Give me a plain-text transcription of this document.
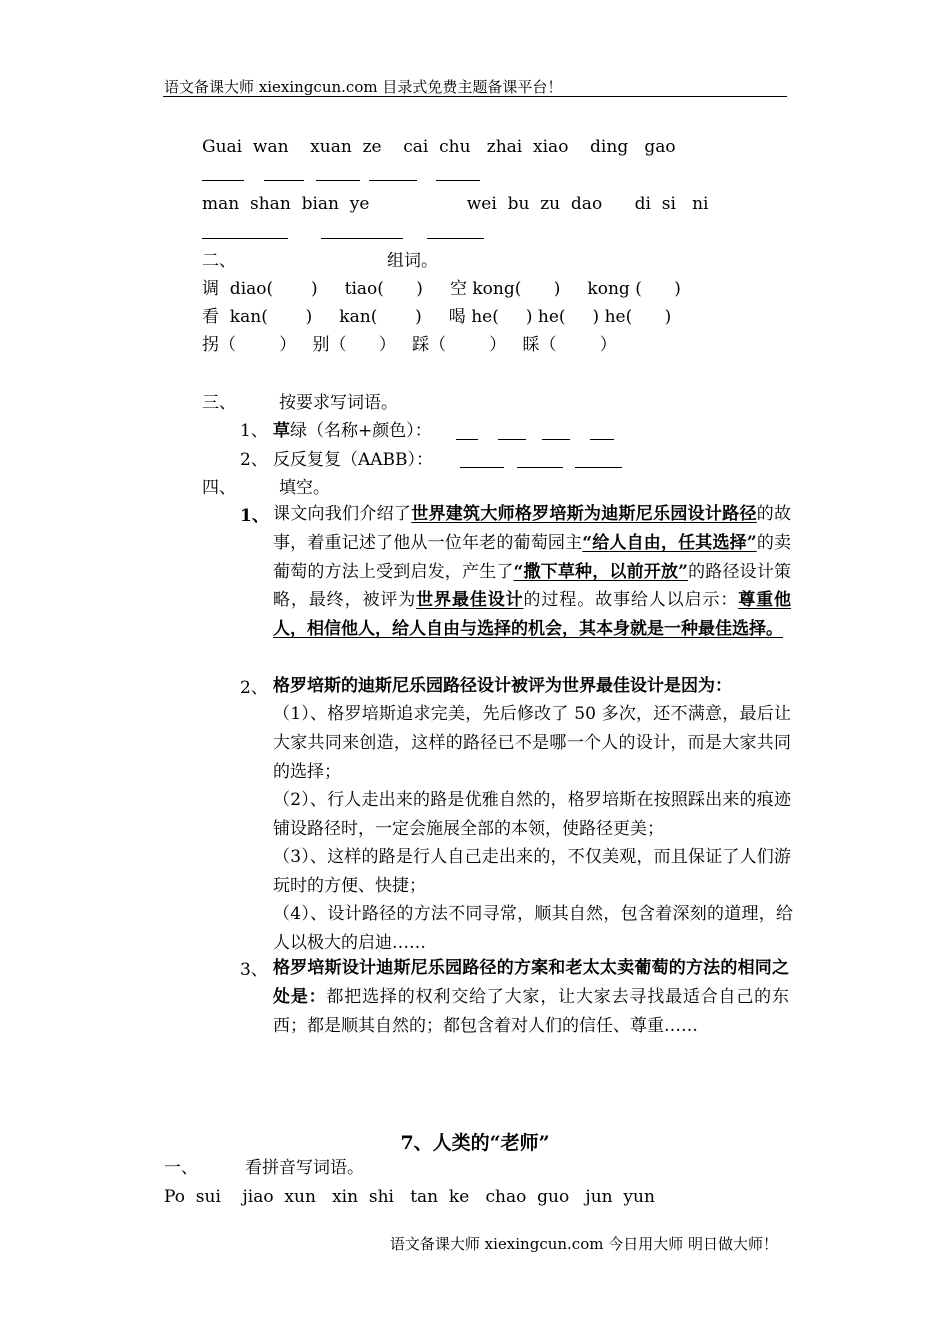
语文备课大师 xiexingcun.com 目录式免费主题备课平台！
Guai  wan    xuan  ze    cai  chu   zhai  xiao    ding   gao
man  shan  bian  ye                  wei  bu  zu  dao      di  si   ni
二、	组词。
调  diao(       )     tiao(      )     空 kong(      )     kong (      )
看  kan(       )     kan(       )     喝 he(     ) he(     ) he(      )
拐（        ）   别（      ）   踩（        ）   睬（        ）
三、	按要求写词语。
1、 草绿（名称+颜色）：
2、 反反复复（AABB）：
四、	填空。
1、 课文向我们介绍了世界建筑大师格罗培斯为迪斯尼乐园设计路径的故事，着重记述了他从一位年老的葡萄园主“给人自由，任其选择”的卖葡萄的方法上受到启发，产生了“撒下草种，以前开放”的路径设计策略，最终，被评为世界最佳设计的过程。故事给人以启示：尊重他人，相信他人，给人自由与选择的机会，其本身就是一种最佳选择。
2、 格罗培斯的迪斯尼乐园路径设计被评为世界最佳设计是因为：
（1）、格罗培斯追求完美，先后修改了 50 多次，还不满意，最后让大家共同来创造，这样的路径已不是哪一个人的设计，而是大家共同的选择；
（2）、行人走出来的路是优雅自然的，格罗培斯在按照踩出来的痕迹铺设路径时，一定会施展全部的本领，使路径更美；
（3）、这样的路是行人自己走出来的，不仅美观，而且保证了人们游玩时的方便、快捷；
（4）、设计路径的方法不同寻常，顺其自然，包含着深刻的道理，给人以极大的启迪……
3、 格罗培斯设计迪斯尼乐园路径的方案和老太太卖葡萄的方法的相同之处是：都把选择的权利交给了大家，让大家去寻找最适合自己的东西；都是顺其自然的；都包含着对人们的信任、尊重……
7、人类的“老师”
一、	看拼音写词语。
Po  sui    jiao  xun   xin  shi   tan  ke   chao  guo   jun  yun
语文备课大师 xiexingcun.com 今日用大师 明日做大师！
